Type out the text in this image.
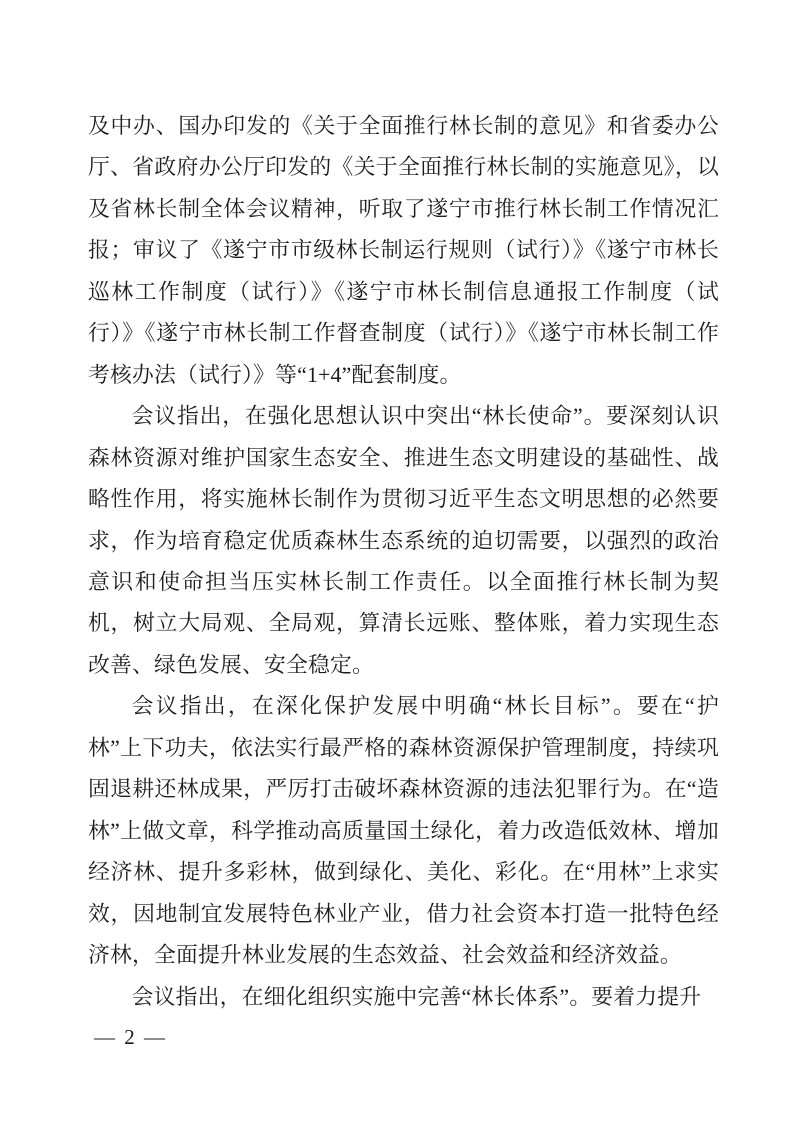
及中办、国办印发的《关于全面推行林长制的意见》和省委办公厅、省政府办公厅印发的《关于全面推行林长制的实施意见》，以及省林长制全体会议精神，听取了遂宁市推行林长制工作情况汇报；审议了《遂宁市市级林长制运行规则（试行）》《遂宁市林长巡林工作制度（试行）》《遂宁市林长制信息通报工作制度（试行）》《遂宁市林长制工作督查制度（试行）》《遂宁市林长制工作考核办法（试行）》等“1+4”配套制度。

会议指出，在强化思想认识中突出“林长使命”。要深刻认识森林资源对维护国家生态安全、推进生态文明建设的基础性、战略性作用，将实施林长制作为贯彻习近平生态文明思想的必然要求，作为培育稳定优质森林生态系统的迫切需要，以强烈的政治意识和使命担当压实林长制工作责任。以全面推行林长制为契机，树立大局观、全局观，算清长远账、整体账，着力实现生态改善、绿色发展、安全稳定。

会议指出，在深化保护发展中明确“林长目标”。要在“护林”上下功夫，依法实行最严格的森林资源保护管理制度，持续巩固退耕还林成果，严厉打击破坏森林资源的违法犯罪行为。在“造林”上做文章，科学推动高质量国土绿化，着力改造低效林、增加经济林、提升多彩林，做到绿化、美化、彩化。在“用林”上求实效，因地制宜发展特色林业产业，借力社会资本打造一批特色经济林，全面提升林业发展的生态效益、社会效益和经济效益。

会议指出，在细化组织实施中完善“林长体系”。要着力提升

— 2 —
